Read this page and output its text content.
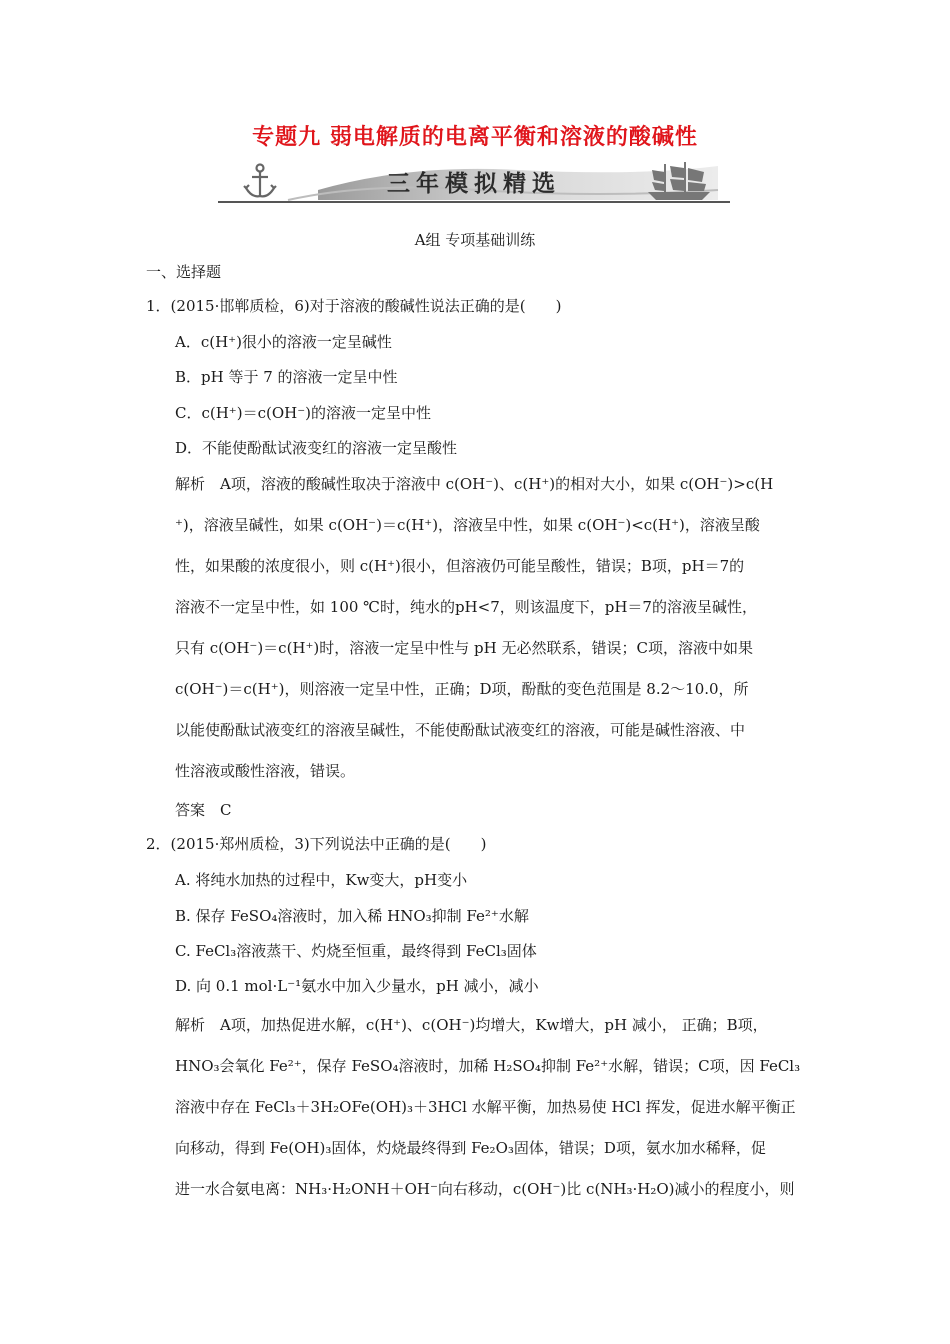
专题九 弱电解质的电离平衡和溶液的酸碱性
三年模拟精选
A组 专项基础训练
一、选择题
1．(2015·邯郸质检，6)对于溶液的酸碱性说法正确的是(　　)
A．c(H⁺)很小的溶液一定呈碱性
B．pH 等于 7 的溶液一定呈中性
C．c(H⁺)＝c(OH⁻)的溶液一定呈中性
D．不能使酚酞试液变红的溶液一定呈酸性
解析　A项，溶液的酸碱性取决于溶液中 c(OH⁻)、c(H⁺)的相对大小，如果 c(OH⁻)>c(H
⁺)，溶液呈碱性，如果 c(OH⁻)＝c(H⁺)，溶液呈中性，如果 c(OH⁻)<c(H⁺)，溶液呈酸
性，如果酸的浓度很小，则 c(H⁺)很小，但溶液仍可能呈酸性，错误；B项，pH＝7的
溶液不一定呈中性，如 100 ℃时，纯水的pH<7，则该温度下，pH＝7的溶液呈碱性，
只有 c(OH⁻)＝c(H⁺)时，溶液一定呈中性与 pH 无必然联系，错误；C项，溶液中如果
c(OH⁻)＝c(H⁺)，则溶液一定呈中性，正确；D项，酚酞的变色范围是 8.2～10.0，所
以能使酚酞试液变红的溶液呈碱性，不能使酚酞试液变红的溶液，可能是碱性溶液、中
性溶液或酸性溶液，错误。
答案　C
2．(2015·郑州质检，3)下列说法中正确的是(　　)
A. 将纯水加热的过程中，Kw变大，pH变小
B. 保存 FeSO₄溶液时，加入稀 HNO₃抑制 Fe²⁺水解
C. FeCl₃溶液蒸干、灼烧至恒重，最终得到 FeCl₃固体
D. 向 0.1 mol·L⁻¹氨水中加入少量水，pH 减小，减小
解析　A项，加热促进水解，c(H⁺)、c(OH⁻)均增大，Kw增大，pH 减小， 正确；B项，
HNO₃会氧化 Fe²⁺，保存 FeSO₄溶液时，加稀 H₂SO₄抑制 Fe²⁺水解，错误；C项，因 FeCl₃
溶液中存在 FeCl₃＋3H₂OFe(OH)₃＋3HCl 水解平衡，加热易使 HCl 挥发，促进水解平衡正
向移动，得到 Fe(OH)₃固体，灼烧最终得到 Fe₂O₃固体，错误；D项，氨水加水稀释，促
进一水合氨电离：NH₃·H₂ONH＋OH⁻向右移动，c(OH⁻)比 c(NH₃·H₂O)减小的程度小，则
